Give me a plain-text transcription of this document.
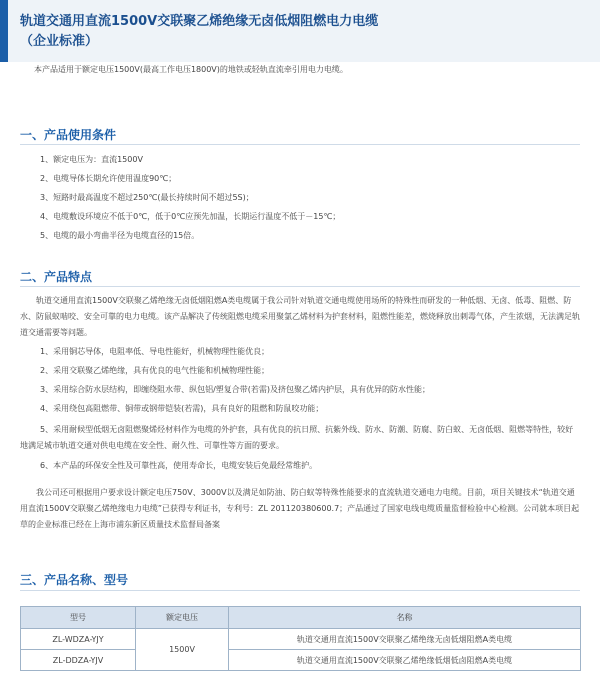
轨道交通用直流1500V交联聚乙烯绝缘无卤低烟阻燃电力电缆
（企业标准）
本产品适用于额定电压1500V(最高工作电压1800V)的地铁或轻轨直流牵引用电力电缆。
一、产品使用条件
1、额定电压为：直流1500V
2、电缆导体长期允许使用温度90℃；
3、短路时最高温度不超过250℃(最长持续时间不超过5S)；
4、电缆敷设环境应不低于0℃，低于0℃应预先加温，长期运行温度不低于－15℃；
5、电缆的最小弯曲半径为电缆直径的15倍。
二、产品特点
轨道交通用直流1500V交联聚乙烯绝缘无卤低烟阻燃A类电缆属于我公司针对轨道交通电缆使用场所的特殊性而研发的一种低烟、无卤、低毒、阻燃、防水、防鼠蚁啮咬、安全可靠的电力电缆。该产品解决了传统阻燃电缆采用聚氯乙烯材料为护套材料，阻燃性能差，燃烧释放出刺毒气体，产生浓烟，无法满足轨道交通需要等问题。
1、采用铜芯导体，电阻率低、导电性能好，机械物理性能优良；
2、采用交联聚乙烯绝缘，具有优良的电气性能和机械物理性能；
3、采用综合防水层结构，即缠绕阻水带、纵包铝/塑复合带(若需)及挤包聚乙烯内护层，具有优异的防水性能；
4、采用绕包高阻燃带、铜带或钢带铠装(若需)，具有良好的阻燃和防鼠咬功能；
5、采用耐候型低烟无卤阻燃聚烯烃材料作为电缆的外护套，具有优良的抗日照、抗紫外线、防水、防潮、防腐、防白蚁、无卤低烟、阻燃等特性，较好地满足城市轨道交通对供电电缆在安全性、耐久性、可靠性等方面的要求。
6、本产品的环保安全性及可靠性高，使用寿命长，电缆安装后免最经常维护。
我公司还可根据用户要求设计额定电压750V、3000V以及满足如防油、防白蚁等特殊性能要求的直流轨道交通电力电缆。目前，项目关键技术“轨道交通用直流1500V交联聚乙烯绝缘电力电缆”已获得专利证书，专利号：ZL 201120380600.7；产品通过了国家电线电缆质量监督检验中心检测。公司就本项目起草的企业标准已经在上海市浦东新区质量技术监督局备案
三、产品名称、型号
型号	额定电压	名称
ZL-WDZA-YJY	1500V	轨道交通用直流1500V交联聚乙烯绝缘无卤低烟阻燃A类电缆
ZL-DDZA-YJV		轨道交通用直流1500V交联聚乙烯绝缘低烟低卤阻燃A类电缆
